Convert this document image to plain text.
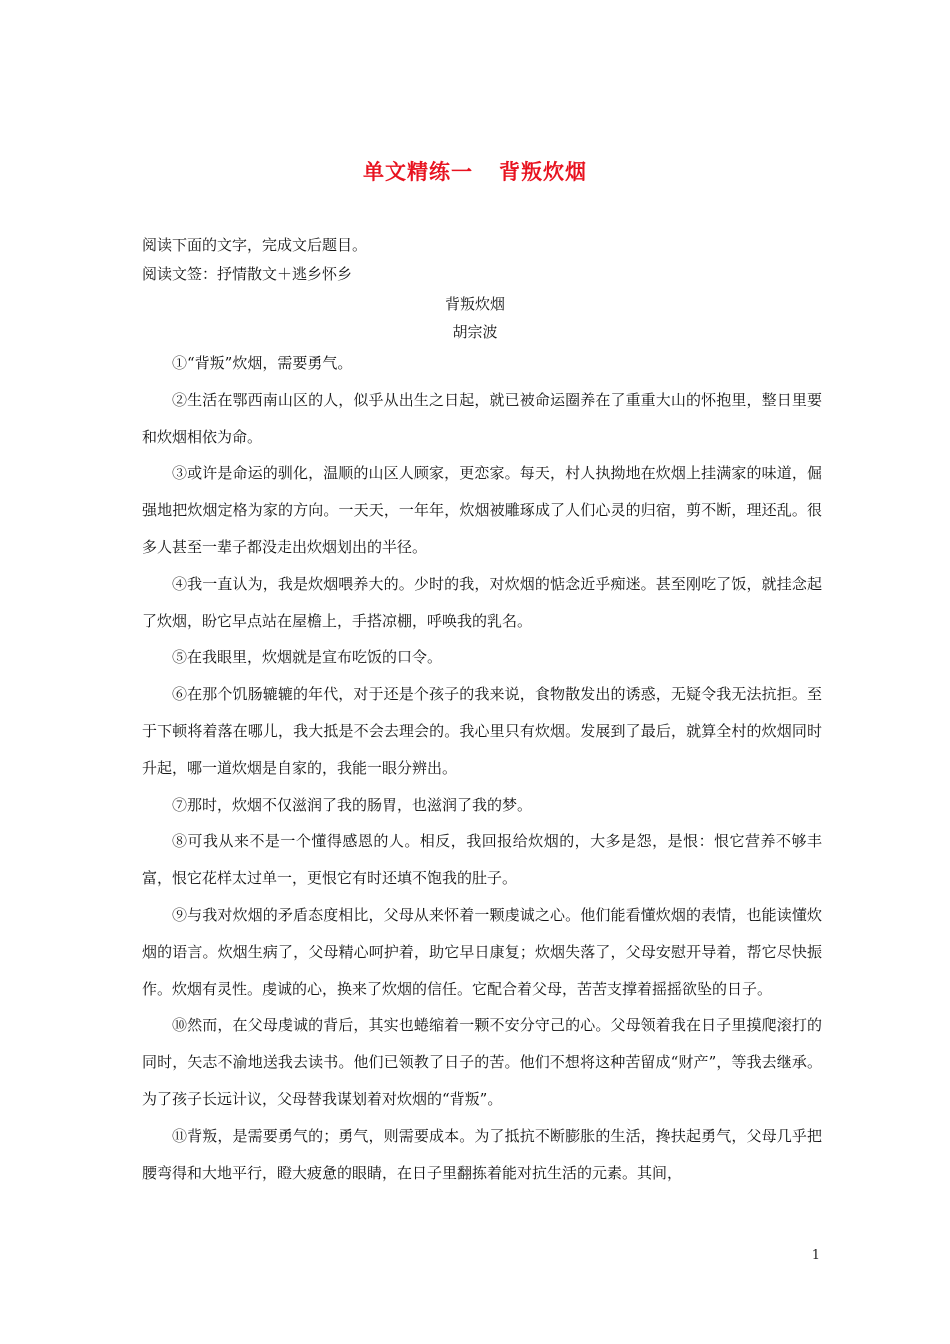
单文精练一 背叛炊烟
阅读下面的文字，完成文后题目。
阅读文签：抒情散文＋逃乡怀乡
背叛炊烟
胡宗波

①“背叛”炊烟，需要勇气。

②生活在鄂西南山区的人，似乎从出生之日起，就已被命运圈养在了重重大山的怀抱里，整日里要和炊烟相依为命。

③或许是命运的驯化，温顺的山区人顾家，更恋家。每天，村人执拗地在炊烟上挂满家的味道，倔强地把炊烟定格为家的方向。一天天，一年年，炊烟被雕琢成了人们心灵的归宿，剪不断，理还乱。很多人甚至一辈子都没走出炊烟划出的半径。

④我一直认为，我是炊烟喂养大的。少时的我，对炊烟的惦念近乎痴迷。甚至刚吃了饭，就挂念起了炊烟，盼它早点站在屋檐上，手搭凉棚，呼唤我的乳名。

⑤在我眼里，炊烟就是宣布吃饭的口令。

⑥在那个饥肠辘辘的年代，对于还是个孩子的我来说，食物散发出的诱惑，无疑令我无法抗拒。至于下顿将着落在哪儿，我大抵是不会去理会的。我心里只有炊烟。发展到了最后，就算全村的炊烟同时升起，哪一道炊烟是自家的，我能一眼分辨出。

⑦那时，炊烟不仅滋润了我的肠胃，也滋润了我的梦。

⑧可我从来不是一个懂得感恩的人。相反，我回报给炊烟的，大多是怨，是恨：恨它营养不够丰富，恨它花样太过单一，更恨它有时还填不饱我的肚子。

⑨与我对炊烟的矛盾态度相比，父母从来怀着一颗虔诚之心。他们能看懂炊烟的表情，也能读懂炊烟的语言。炊烟生病了，父母精心呵护着，助它早日康复；炊烟失落了，父母安慰开导着，帮它尽快振作。炊烟有灵性。虔诚的心，换来了炊烟的信任。它配合着父母，苦苦支撑着摇摇欲坠的日子。

⑩然而，在父母虔诚的背后，其实也蜷缩着一颗不安分守己的心。父母领着我在日子里摸爬滚打的同时，矢志不渝地送我去读书。他们已领教了日子的苦。他们不想将这种苦留成“财产”，等我去继承。为了孩子长远计议，父母替我谋划着对炊烟的“背叛”。

⑪背叛，是需要勇气的；勇气，则需要成本。为了抵抗不断膨胀的生活，搀扶起勇气，父母几乎把腰弯得和大地平行，瞪大疲惫的眼睛，在日子里翻拣着能对抗生活的元素。其间，

1
